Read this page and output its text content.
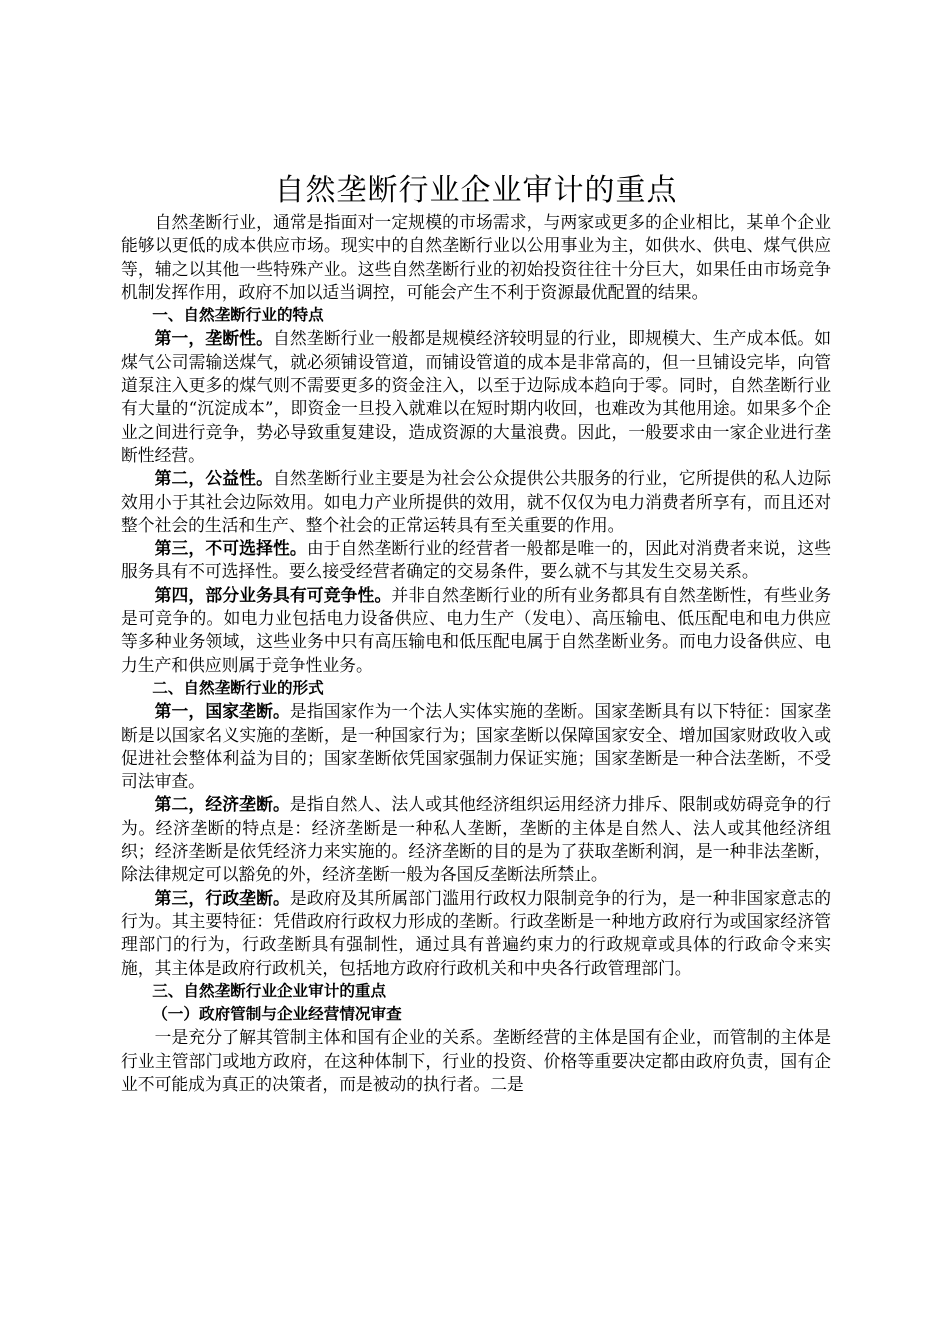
自然垄断行业企业审计的重点

自然垄断行业，通常是指面对一定规模的市场需求，与两家或更多的企业相比，某单个企业能够以更低的成本供应市场。现实中的自然垄断行业以公用事业为主，如供水、供电、煤气供应等，辅之以其他一些特殊产业。这些自然垄断行业的初始投资往往十分巨大，如果任由市场竞争机制发挥作用，政府不加以适当调控，可能会产生不利于资源最优配置的结果。

一、自然垄断行业的特点

第一，垄断性。自然垄断行业一般都是规模经济较明显的行业，即规模大、生产成本低。如煤气公司需输送煤气，就必须铺设管道，而铺设管道的成本是非常高的，但一旦铺设完毕，向管道泵注入更多的煤气则不需要更多的资金注入，以至于边际成本趋向于零。同时，自然垄断行业有大量的“沉淀成本”，即资金一旦投入就难以在短时期内收回，也难改为其他用途。如果多个企业之间进行竞争，势必导致重复建设，造成资源的大量浪费。因此，一般要求由一家企业进行垄断性经营。

第二，公益性。自然垄断行业主要是为社会公众提供公共服务的行业，它所提供的私人边际效用小于其社会边际效用。如电力产业所提供的效用，就不仅仅为电力消费者所享有，而且还对整个社会的生活和生产、整个社会的正常运转具有至关重要的作用。

第三，不可选择性。由于自然垄断行业的经营者一般都是唯一的，因此对消费者来说，这些服务具有不可选择性。要么接受经营者确定的交易条件，要么就不与其发生交易关系。

第四，部分业务具有可竞争性。并非自然垄断行业的所有业务都具有自然垄断性，有些业务是可竞争的。如电力业包括电力设备供应、电力生产（发电）、高压输电、低压配电和电力供应等多种业务领域，这些业务中只有高压输电和低压配电属于自然垄断业务。而电力设备供应、电力生产和供应则属于竞争性业务。

二、自然垄断行业的形式

第一，国家垄断。是指国家作为一个法人实体实施的垄断。国家垄断具有以下特征：国家垄断是以国家名义实施的垄断，是一种国家行为；国家垄断以保障国家安全、增加国家财政收入或促进社会整体利益为目的；国家垄断依凭国家强制力保证实施；国家垄断是一种合法垄断，不受司法审查。

第二，经济垄断。是指自然人、法人或其他经济组织运用经济力排斥、限制或妨碍竞争的行为。经济垄断的特点是：经济垄断是一种私人垄断，垄断的主体是自然人、法人或其他经济组织；经济垄断是依凭经济力来实施的。经济垄断的目的是为了获取垄断利润，是一种非法垄断，除法律规定可以豁免的外，经济垄断一般为各国反垄断法所禁止。

第三，行政垄断。是政府及其所属部门滥用行政权力限制竞争的行为，是一种非国家意志的行为。其主要特征：凭借政府行政权力形成的垄断。行政垄断是一种地方政府行为或国家经济管理部门的行为，行政垄断具有强制性，通过具有普遍约束力的行政规章或具体的行政命令来实施，其主体是政府行政机关，包括地方政府行政机关和中央各行政管理部门。

三、自然垄断行业企业审计的重点

（一）政府管制与企业经营情况审查

一是充分了解其管制主体和国有企业的关系。垄断经营的主体是国有企业，而管制的主体是行业主管部门或地方政府，在这种体制下，行业的投资、价格等重要决定都由政府负责，国有企业不可能成为真正的决策者，而是被动的执行者。二是
